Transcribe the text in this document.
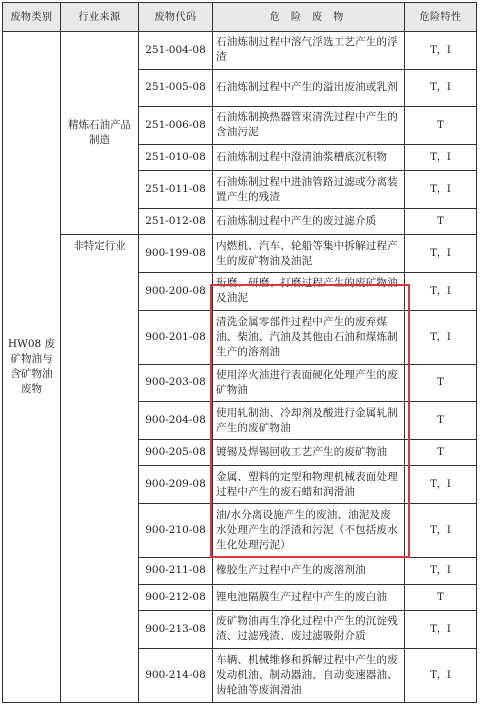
废物类别	行业来源	废物代码	危 险 废 物	危险特性
HW08 废矿物油与含矿物油废物	精炼石油产品制造	251-004-08	石油炼制过程中溶气浮选工艺产生的浮渣	T，I
		251-005-08	石油炼制过程中产生的溢出废油或乳剂	T，I
		251-006-08	石油炼制换热器管束清洗过程中产生的含油污泥	T
		251-010-08	石油炼制过程中澄清油浆槽底沉积物	T，I
		251-011-08	石油炼制过程中进油管路过滤或分离装置产生的残渣	T，I
		251-012-08	石油炼制过程中产生的废过滤介质	T
	非特定行业	900-199-08	内燃机、汽车、轮船等集中拆解过程产生的废矿物油及油泥	T，I
		900-200-08	珩磨、研磨、打磨过程产生的废矿物油及油泥	T，I
		900-201-08	清洗金属零部件过程中产生的废弃煤油、柴油、汽油及其他由石油和煤炼制生产的溶剂油	T，I
		900-203-08	使用淬火油进行表面硬化处理产生的废矿物油	T
		900-204-08	使用轧制油、冷却剂及酸进行金属轧制产生的废矿物油	T
		900-205-08	镀锡及焊锡回收工艺产生的废矿物油	T
		900-209-08	金属、塑料的定型和物理机械表面处理过程中产生的废石蜡和润滑油	T，I
		900-210-08	油/水分离设施产生的废油、油泥及废水处理产生的浮渣和污泥（不包括废水生化处理污泥）	T，I
		900-211-08	橡胶生产过程中产生的废溶剂油	T，I
		900-212-08	锂电池隔膜生产过程中产生的废白油	T
		900-213-08	废矿物油再生净化过程中产生的沉淀残渣、过滤残渣、废过滤吸附介质	T，I
		900-214-08	车辆、机械维修和拆解过程中产生的废发动机油、制动器油、自动变速器油、齿轮油等废润滑油	T，I
